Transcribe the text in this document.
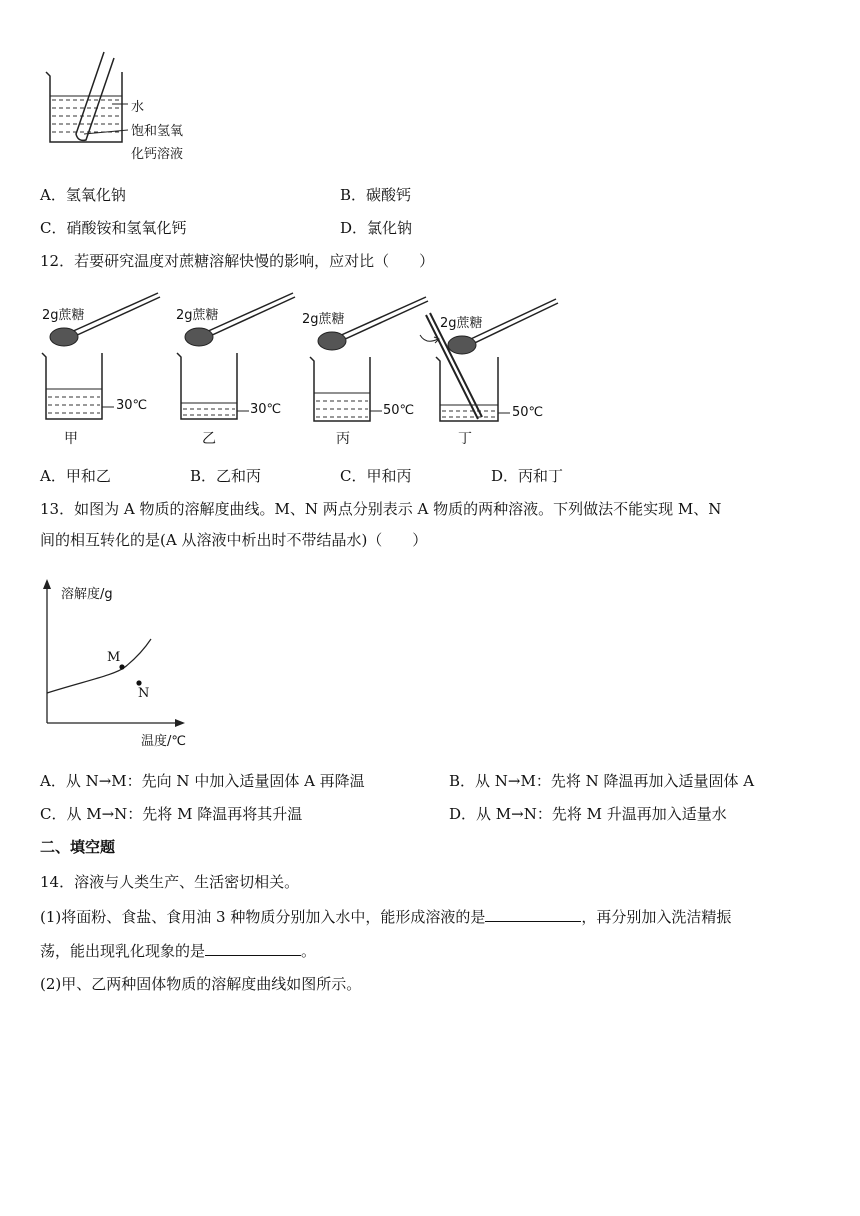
水
饱和氢氧
化钙溶液
A．氢氧化钠	B．碳酸钙
C．硝酸铵和氢氧化钙	D．氯化钠
12．若要研究温度对蔗糖溶解快慢的影响，应对比（　　）
2g蔗糖	2g蔗糖	2g蔗糖	2g蔗糖
30℃	30℃	50℃	50℃
甲	乙	丙	丁
A．甲和乙	B．乙和丙	C．甲和丙	D．丙和丁
13．如图为 A 物质的溶解度曲线。M、N 两点分别表示 A 物质的两种溶液。下列做法不能实现 M、N
间的相互转化的是(A 从溶液中析出时不带结晶水)（　　）
溶解度/g
温度/℃
M
N
A．从 N→M：先向 N 中加入适量固体 A 再降温	B．从 N→M：先将 N 降温再加入适量固体 A
C．从 M→N：先将 M 降温再将其升温	D．从 M→N：先将 M 升温再加入适量水
二、填空题
14．溶液与人类生产、生活密切相关。
(1)将面粉、食盐、食用油 3 种物质分别加入水中，能形成溶液的是	，再分别加入洗洁精振
荡，能出现乳化现象的是	。
(2)甲、乙两种固体物质的溶解度曲线如图所示。
